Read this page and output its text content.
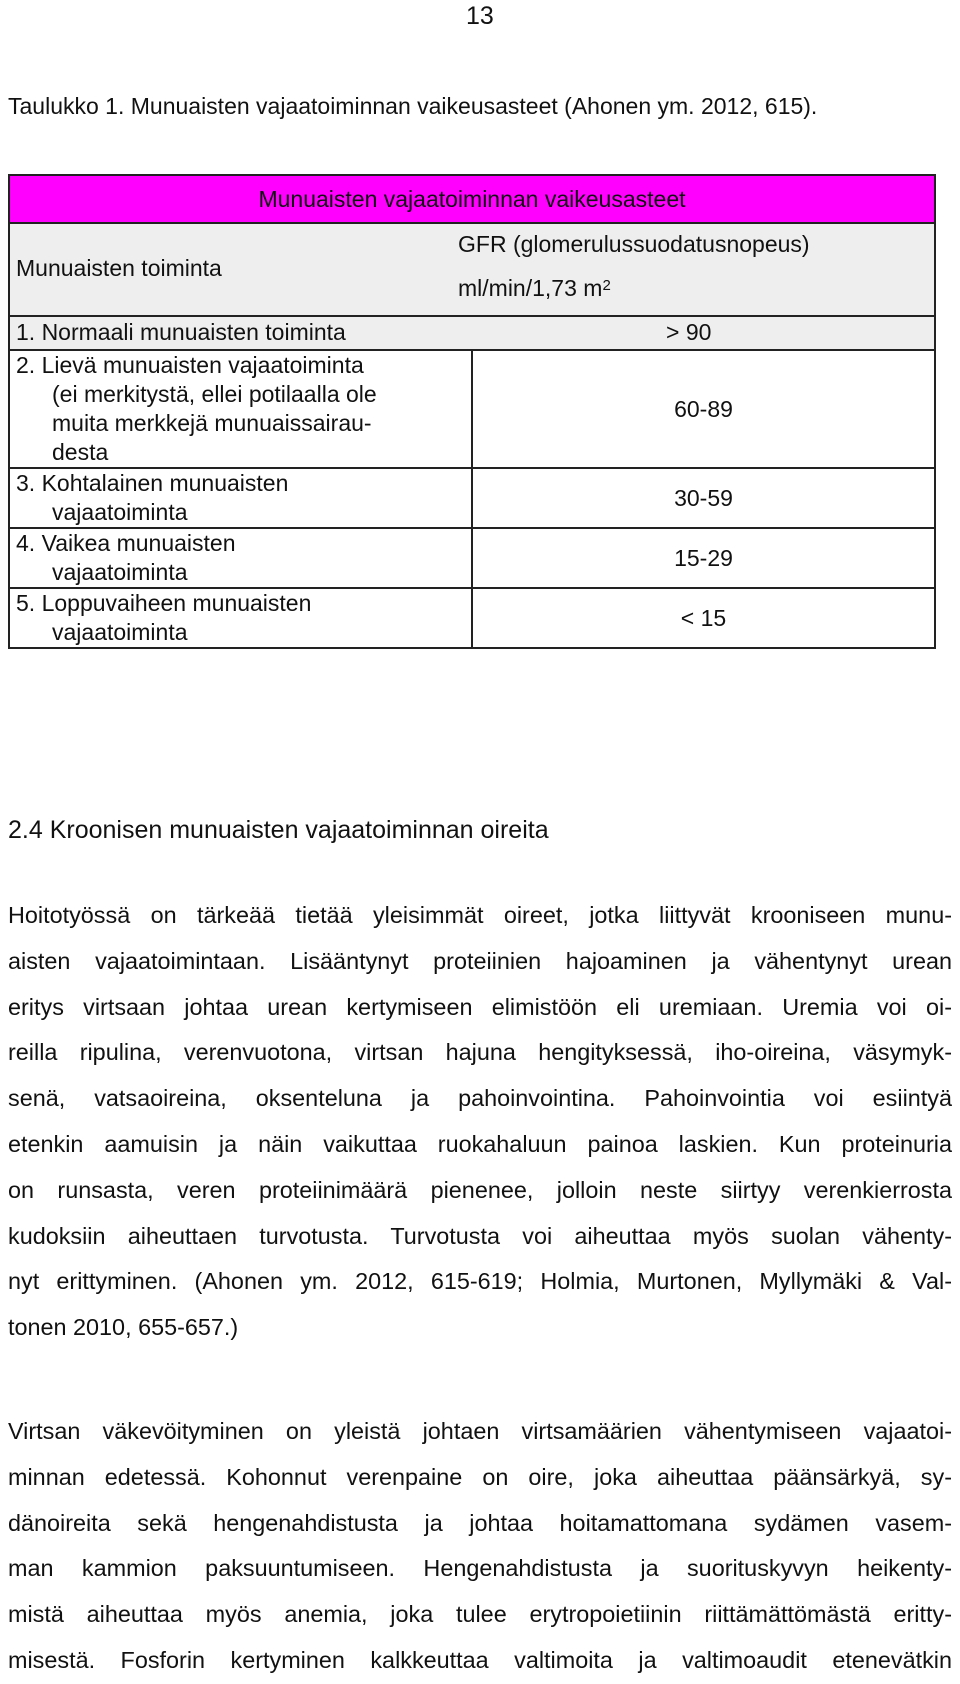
13
Taulukko 1. Munuaisten vajaatoiminnan vaikeusasteet (Ahonen ym. 2012, 615).
Munuaisten vajaatoiminnan vaikeusasteet	

Munuaisten toiminta
GFR (glomerulussuodatusnopeus)
ml/min/1,73 $m^2$

1. Normaali munuaisten toiminta > 90	

2. Lievä munuaisten vajaatoiminta
(ei merkitystä, ellei potilaalla ole
muita merkkejä munuaissairau-
desta	60-89

3. Kohtalainen munuaisten
vajaatoiminta	30-59

4. Vaikea munuaisten
vajaatoiminta	15-29

5. Loppuvaiheen munuaisten
vajaatoiminta	< 15
2.4 Kroonisen munuaisten vajaatoiminnan oireita

Hoitotyössä on tärkeää tietää yleisimmät oireet, jotka liittyvät krooniseen munu-
aisten vajaatoimintaan. Lisääntynyt proteiinien hajoaminen ja vähentynyt urean
eritys virtsaan johtaa urean kertymiseen elimistöön eli uremiaan. Uremia voi oi-
reilla ripulina, verenvuotona, virtsan hajuna hengityksessä, iho-oireina, väsymyk-
senä, vatsaoireina, oksenteluna ja pahoinvointina. Pahoinvointia voi esiintyä
etenkin aamuisin ja näin vaikuttaa ruokahaluun painoa laskien. Kun proteinuria
on runsasta, veren proteiinimäärä pienenee, jolloin neste siirtyy verenkierrosta
kudoksiin aiheuttaen turvotusta. Turvotusta voi aiheuttaa myös suolan vähenty-
nyt erittyminen. (Ahonen ym. 2012, 615-619; Holmia, Murtonen, Myllymäki & Val-
tonen 2010, 655-657.)

Virtsan väkevöityminen on yleistä johtaen virtsamäärien vähentymiseen vajaatoi-
minnan edetessä. Kohonnut verenpaine on oire, joka aiheuttaa päänsärkyä, sy-
dänoireita sekä hengenahdistusta ja johtaa hoitamattomana sydämen vasem-
man kammion paksuuntumiseen. Hengenahdistusta ja suorituskyvyn heikenty-
mistä aiheuttaa myös anemia, joka tulee erytropoietiinin riittämättömästä eritty-
misestä. Fosforin kertyminen kalkkeuttaa valtimoita ja valtimoaudit etenevätkin
